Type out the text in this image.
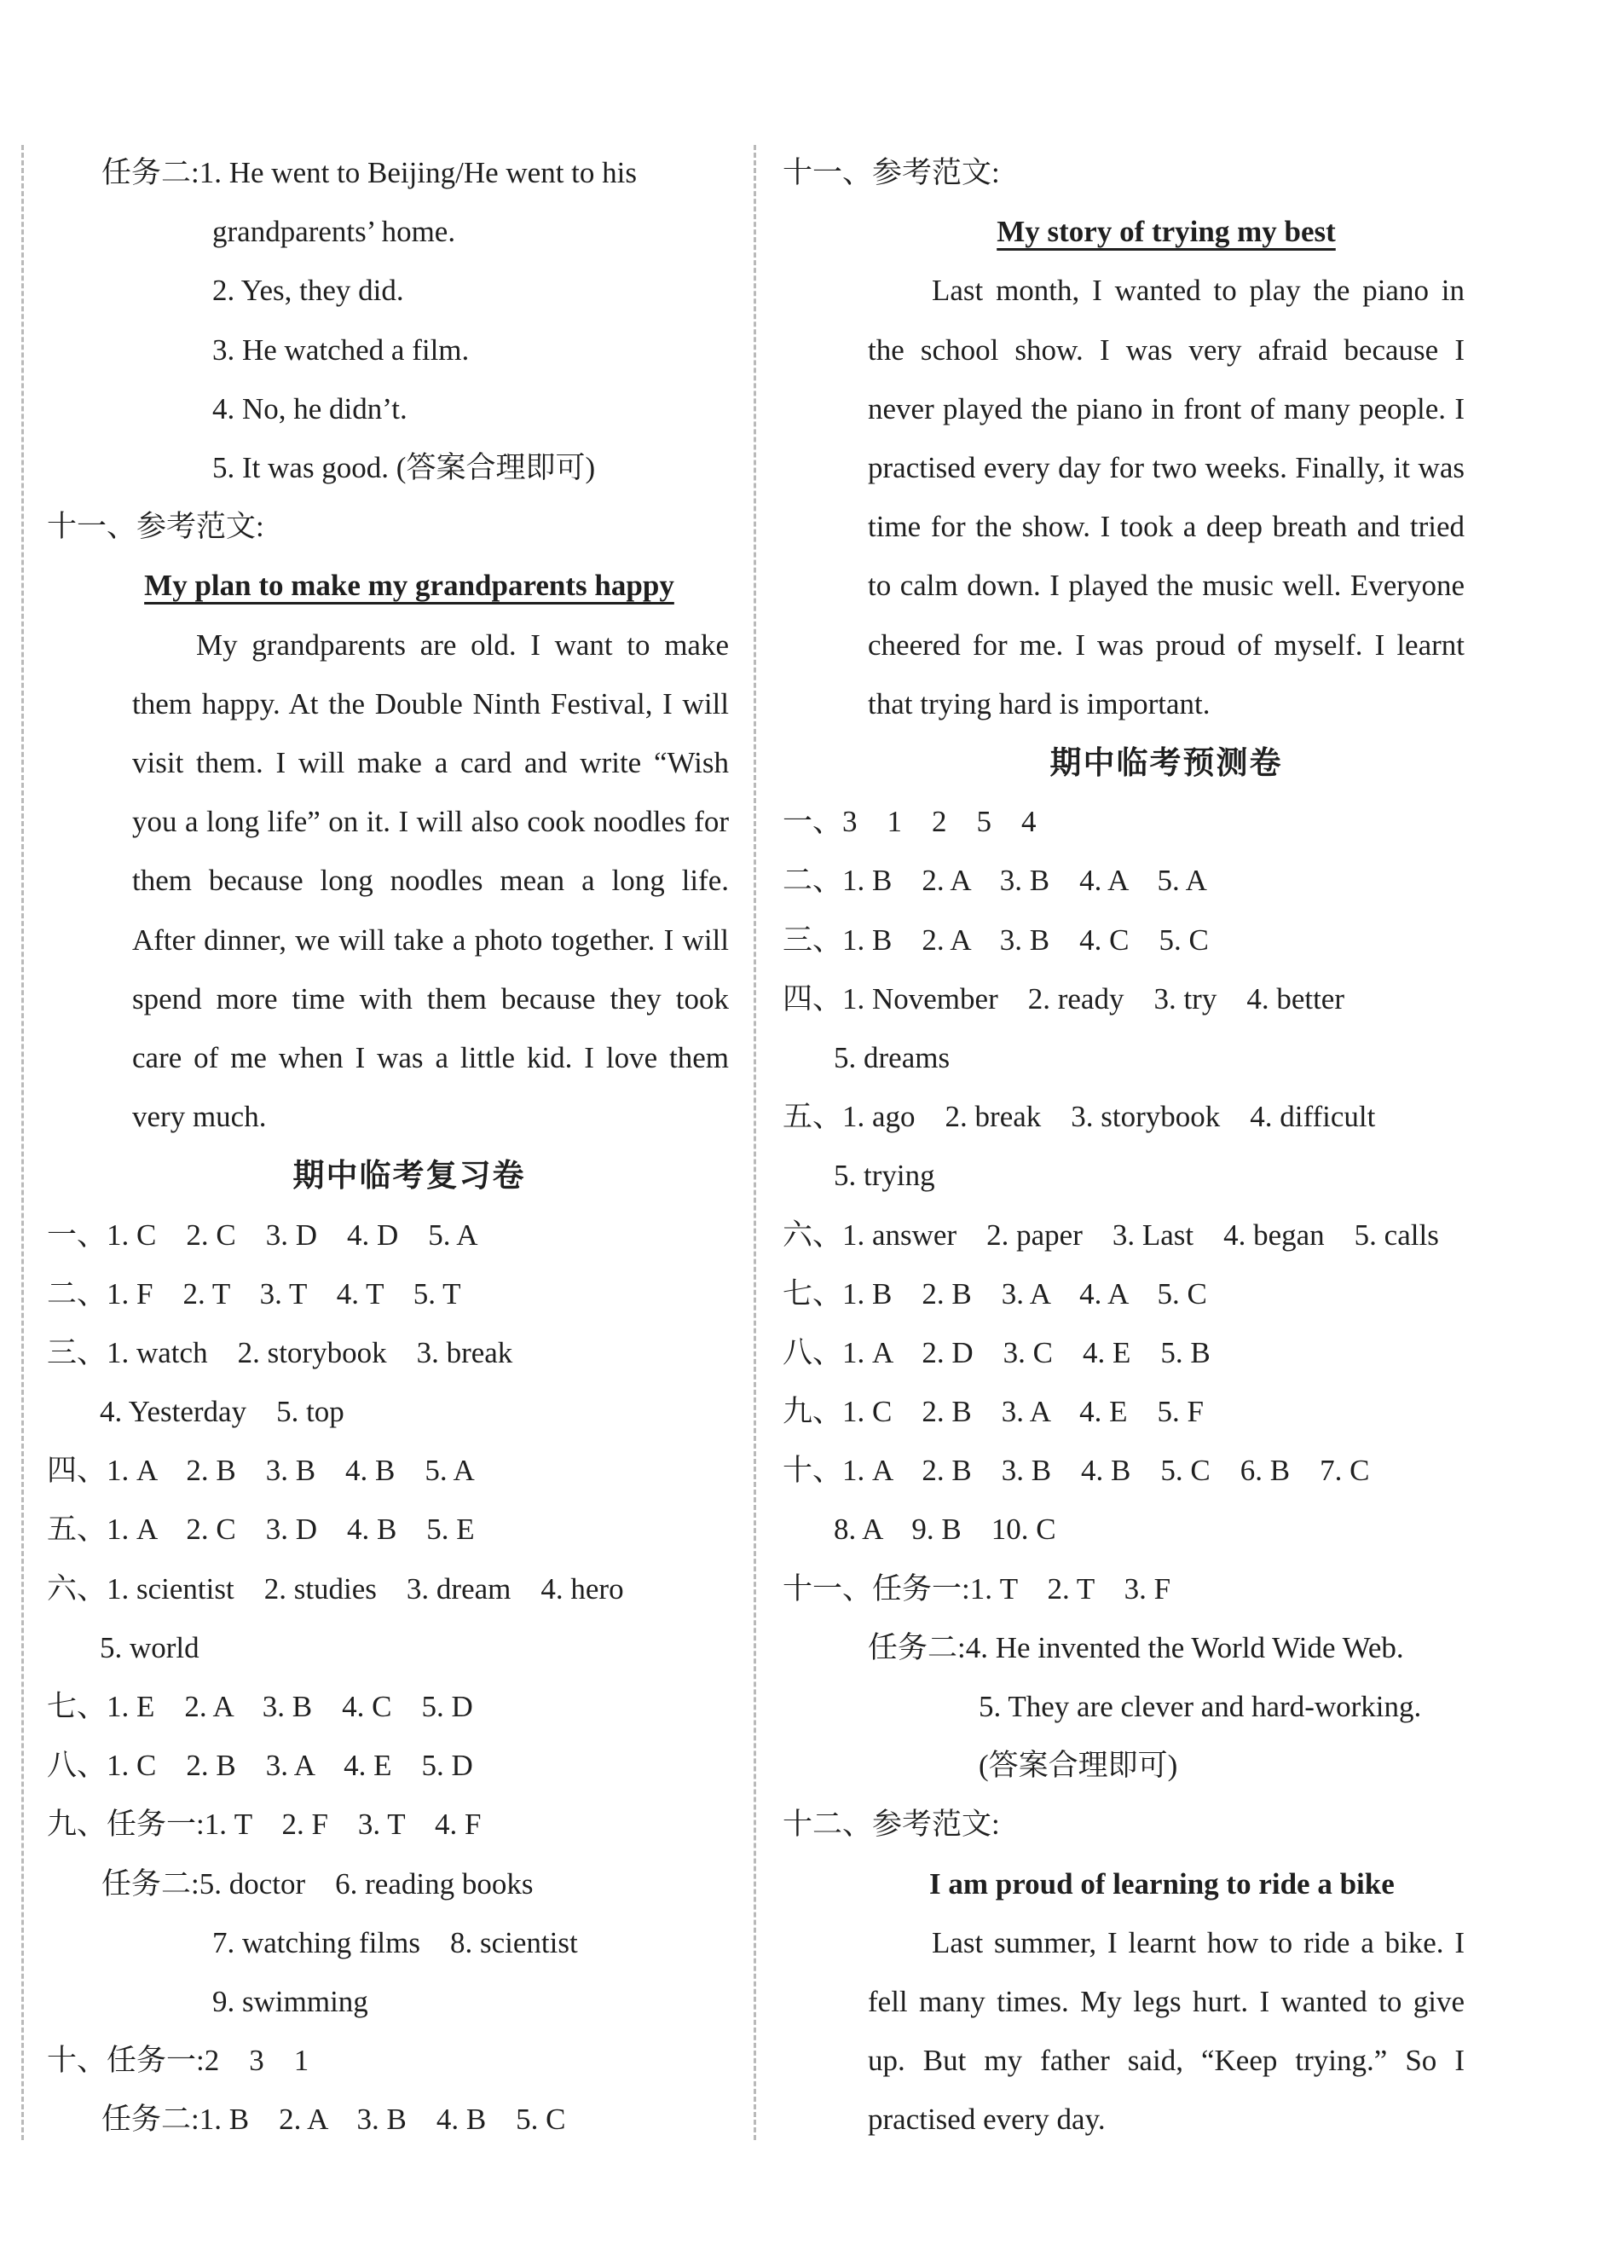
任务二:1. He went to Beijing/He went to his
grandparents’ home.
2. Yes, they did.
3. He watched a film.
4. No, he didn’t.
5. It was good. (答案合理即可)
十一、参考范文:
My plan to make my grandparents happy
My grandparents are old. I want to make them happy. At the Double Ninth Festival, I will visit them. I will make a card and write “Wish you a long life” on it. I will also cook noodles for them because long noodles mean a long life. After dinner, we will take a photo together. I will spend more time with them because they took care of me when I was a little kid. I love them very much.
期中临考复习卷
一、1. C　2. C　3. D　4. D　5. A
二、1. F　2. T　3. T　4. T　5. T
三、1. watch　2. storybook　3. break
4. Yesterday　5. top
四、1. A　2. B　3. B　4. B　5. A
五、1. A　2. C　3. D　4. B　5. E
六、1. scientist　2. studies　3. dream　4. hero
5. world
七、1. E　2. A　3. B　4. C　5. D
八、1. C　2. B　3. A　4. E　5. D
九、任务一:1. T　2. F　3. T　4. F
任务二:5. doctor　6. reading books
7. watching films　8. scientist
9. swimming
十、任务一:2　3　1
任务二:1. B　2. A　3. B　4. B　5. C
十一、参考范文:
My story of trying my best
Last month, I wanted to play the piano in the school show. I was very afraid because I never played the piano in front of many people. I practised every day for two weeks. Finally, it was time for the show. I took a deep breath and tried to calm down. I played the music well. Everyone cheered for me. I was proud of myself. I learnt that trying hard is important.
期中临考预测卷
一、3　1　2　5　4
二、1. B　2. A　3. B　4. A　5. A
三、1. B　2. A　3. B　4. C　5. C
四、1. November　2. ready　3. try　4. better
5. dreams
五、1. ago　2. break　3. storybook　4. difficult
5. trying
六、1. answer　2. paper　3. Last　4. began　5. calls
七、1. B　2. B　3. A　4. A　5. C
八、1. A　2. D　3. C　4. E　5. B
九、1. C　2. B　3. A　4. E　5. F
十、1. A　2. B　3. B　4. B　5. C　6. B　7. C
8. A　9. B　10. C
十一、任务一:1. T　2. T　3. F
任务二:4. He invented the World Wide Web.
5. They are clever and hard-working.
(答案合理即可)
十二、参考范文:
I am proud of learning to ride a bike
Last summer, I learnt how to ride a bike. I fell many times. My legs hurt. I wanted to give up. But my father said, “Keep trying.” So I practised every day.
